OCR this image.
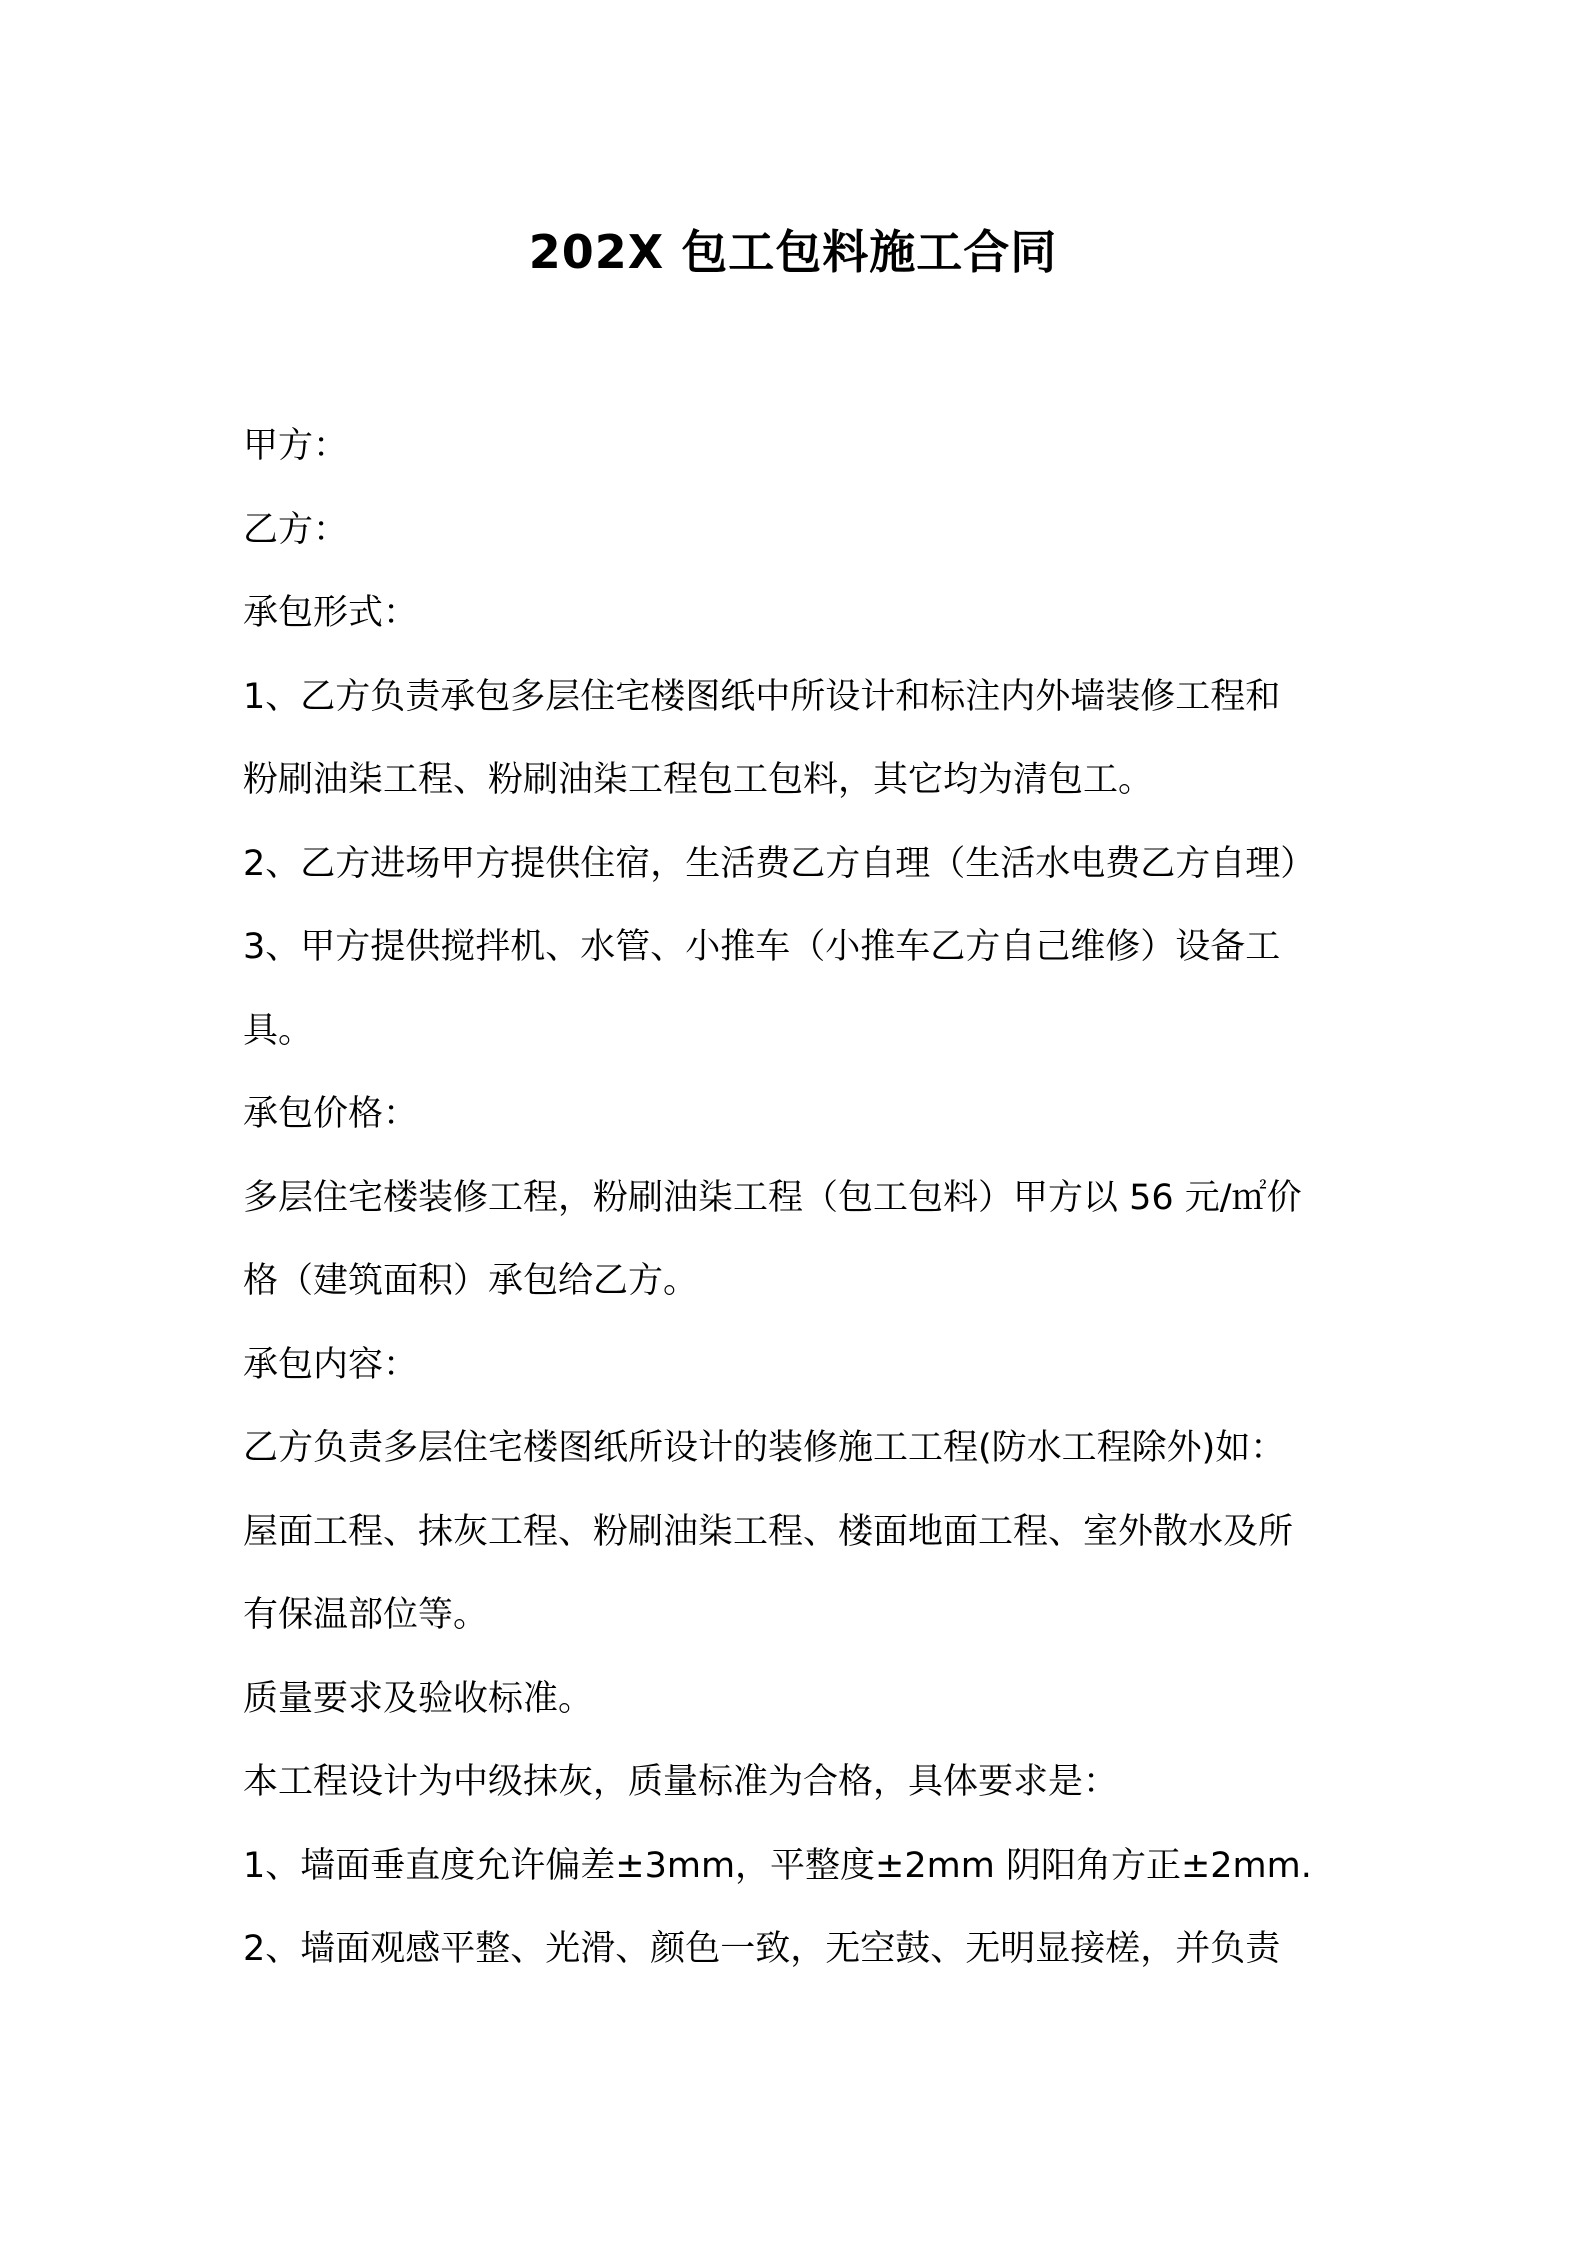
202X 包工包料施工合同
甲方：
乙方：
承包形式：
1、乙方负责承包多层住宅楼图纸中所设计和标注内外墙装修工程和
粉刷油柒工程、粉刷油柒工程包工包料，其它均为清包工。
2、乙方进场甲方提供住宿，生活费乙方自理（生活水电费乙方自理）
3、甲方提供搅拌机、水管、小推车（小推车乙方自己维修）设备工
具。
承包价格：
多层住宅楼装修工程，粉刷油柒工程（包工包料）甲方以 56 元/㎡价
格（建筑面积）承包给乙方。
承包内容：
乙方负责多层住宅楼图纸所设计的装修施工工程(防水工程除外)如：
屋面工程、抹灰工程、粉刷油柒工程、楼面地面工程、室外散水及所
有保温部位等。
质量要求及验收标准。
本工程设计为中级抹灰，质量标准为合格，具体要求是：
1、墙面垂直度允许偏差±3mm，平整度±2mm 阴阳角方正±2mm.
2、墙面观感平整、光滑、颜色一致，无空鼓、无明显接槎，并负责
